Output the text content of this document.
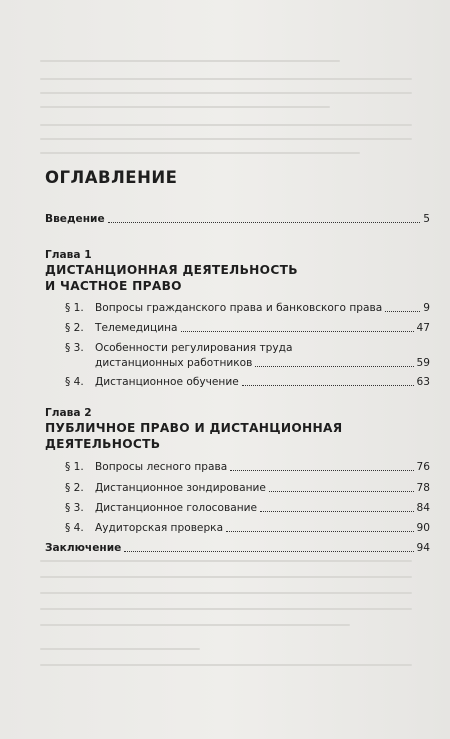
ОГЛАВЛЕНИЕ
Введение	5
Глава 1
ДИСТАНЦИОННАЯ ДЕЯТЕЛЬНОСТЬ
И ЧАСТНОЕ ПРАВО
§ 1.	Вопросы гражданского права и банковского права	9
§ 2.	Телемедицина	47
§ 3.	Особенности регулирования труда
дистанционных работников	59
§ 4.	Дистанционное обучение	63
Глава 2
ПУБЛИЧНОЕ ПРАВО И ДИСТАНЦИОННАЯ
ДЕЯТЕЛЬНОСТЬ
§ 1.	Вопросы лесного права	76
§ 2.	Дистанционное зондирование	78
§ 3.	Дистанционное голосование	84
§ 4.	Аудиторская проверка	90
Заключение	94
